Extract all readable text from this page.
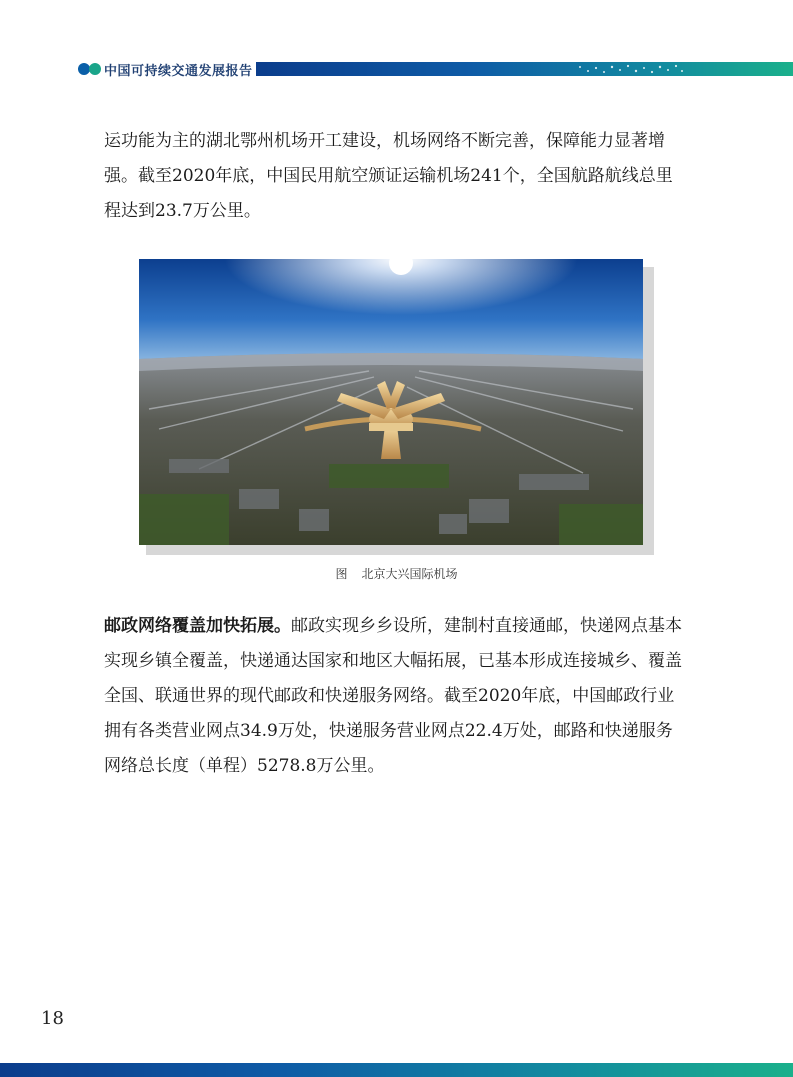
中国可持续交通发展报告

运功能为主的湖北鄂州机场开工建设，机场网络不断完善，保障能力显著增强。截至2020年底，中国民用航空颁证运输机场241个，全国航路航线总里程达到23.7万公里。

图 北京大兴国际机场

邮政网络覆盖加快拓展。邮政实现乡乡设所，建制村直接通邮，快递网点基本实现乡镇全覆盖，快递通达国家和地区大幅拓展，已基本形成连接城乡、覆盖全国、联通世界的现代邮政和快递服务网络。截至2020年底，中国邮政行业拥有各类营业网点34.9万处，快递服务营业网点22.4万处，邮路和快递服务网络总长度（单程）5278.8万公里。

18
